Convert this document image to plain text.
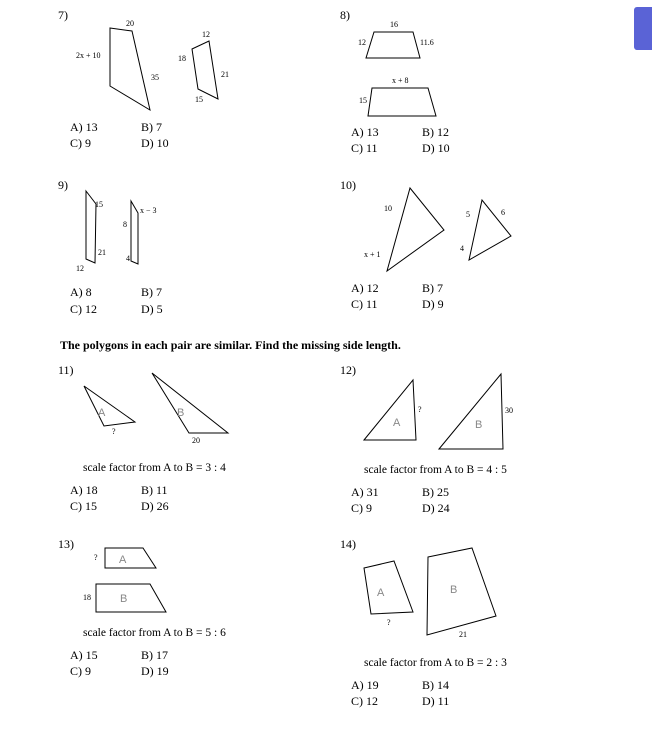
A	B
A	B
A
B	A	B
7)
20
2x + 10
35
12
18
21
15
A) 13	B) 7
C) 9	D) 10
8)
16
12	11.6
x + 8
15
A) 13	B) 12
C) 11	D) 10
9)
15
21
12
x − 3
8
4
A) 8	B) 7
C) 12	D) 5
10)
10
x + 1
5	6
4
A) 12	B) 7
C) 11	D) 9
The polygons in each pair are similar. Find the missing side length.
11)
?
20
scale factor from A to B = 3 : 4
A) 18	B) 11
C) 15	D) 26
12)
?	30
scale factor from A to B = 4 : 5
A) 31	B) 25
C) 9	D) 24
13)
?
18
scale factor from A to B = 5 : 6
A) 15	B) 17
C) 9	D) 19
14)
?
21
scale factor from A to B = 2 : 3
A) 19	B) 14
C) 12	D) 11
